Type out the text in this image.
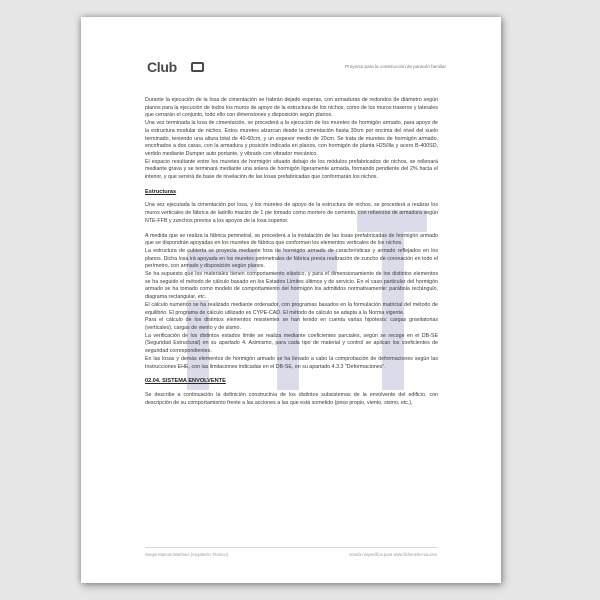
Club	Proyecto para la construcción de panteón familiar

Durante la ejecución de la losa de cimentación se habrán dejado esperas, con armaduras de redondos de diámetro según planos para la ejecución de todos los muros de apoyo de la estructura de los nichos, como de los muros traseros y laterales que cerrarán el conjunto, todo ello con dimensiones y disposición según planos.

Una vez terminada la losa de cimentación, se procederá a la ejecución de los muretes de hormigón armado, para apoyo de la estructura modular de nichos. Estos muretes alzarcan desde la cimentación hasta 30cm por encima del nivel del suelo terminado, teniendo una altura total de 40-60cm, y un espesor medio de 20cm. Se trata de muretes de hormigón armado, encofrados a dos caras, con la armadura y posición indicada en planos, con hormigón de planta H25/llla y acero B-400SD, vertido mediante Dumper auto portante, y vibrado con vibrador mecánico.

El espacio resultante entre los muretes de hormigón situado debajo de los módulos prefabricados de nichos, se rellenará mediante grava y se terminará mediante una solera de hormigón ligeramente armada, formando pendiente del 2% hacia el interior, y que servirá de base de nivelación de las losas prefabricadas que conformarán los nichos.

Estructuras

Una vez ejecutada la cimentación por losa, y los muretes de apoyo de la estructura de nichos, se procederá a realizar los muros verticales de fábrica de ladrillo macizo de 1 pie tomado como mortero de cemento, con refuerzos de armadura según NTE-FFB y zunchos previos a los apoyos de la losa superior.

A medida que se realiza la fábrica perimetral, se procederá a la instalación de las losas prefabricadas de hormigón armado que se dispondrán apoyadas en los muretes de fábrica que conforman los elementos verticales de los nichos.

La estructura de cubierta se proyecta mediante losa de hormigón armado de características y armado reflejados en los planos. Dicha losa irá apoyada en los muretes perimetrales de fábrica previa realización de zuncho de coronación en todo el perímetro, con armado y disposición según planos.

Se ha supuesto que los materiales tienen comportamiento elástico, y para el dimensionamiento de los distintos elementos se ha seguido el método de cálculo basado en los Estados Límites últimos y de servicio. En el caso particular del hormigón armado se ha tomado como modelo de comportamiento del hormigón los admitidos normativamente: parábola rectángulo, diagrama rectangular, etc.

El cálculo numérico se ha realizado mediante ordenador, con programas basados en la formulación matricial del método de equilibrio. El programa de cálculo utilizado es CYPE-CAD. El método de cálculo se adapta a la Norma vigente.

Para el cálculo de los distintos elementos resistentes se han tenido en cuenta varias hipótesis: cargas gravitatorias (verticales), cargas de viento y de sismo.

La verificación de los distintos estados límite se realiza mediante coeficientes parciales, según se recoge en el DB-SE (Seguridad Estructural) en su apartado 4. Asimismo, para cada tipo de material y control se aplican los coeficientes de seguridad correspondientes.

En las losas y demás elementos de hormigón armado se ha llevado a cabo la comprobación de deformaciones según las Instrucciones EHE, con las limitaciones indicadas en el DB-SE, en su apartado 4.3.3 "Deformaciones".

02.04. SISTEMA ENVOLVENTE

Se describe a continuación la definición constructiva de los distintos subsistemas de la envolvente del edificio, con descripción de su comportamiento frente a las acciones a las que está sometido (peso propio, viento, sismo, etc.),

Sergio Marcos Martínez (Arquitecto Técnico)	Versión específica para www.fichenelecnia.com
